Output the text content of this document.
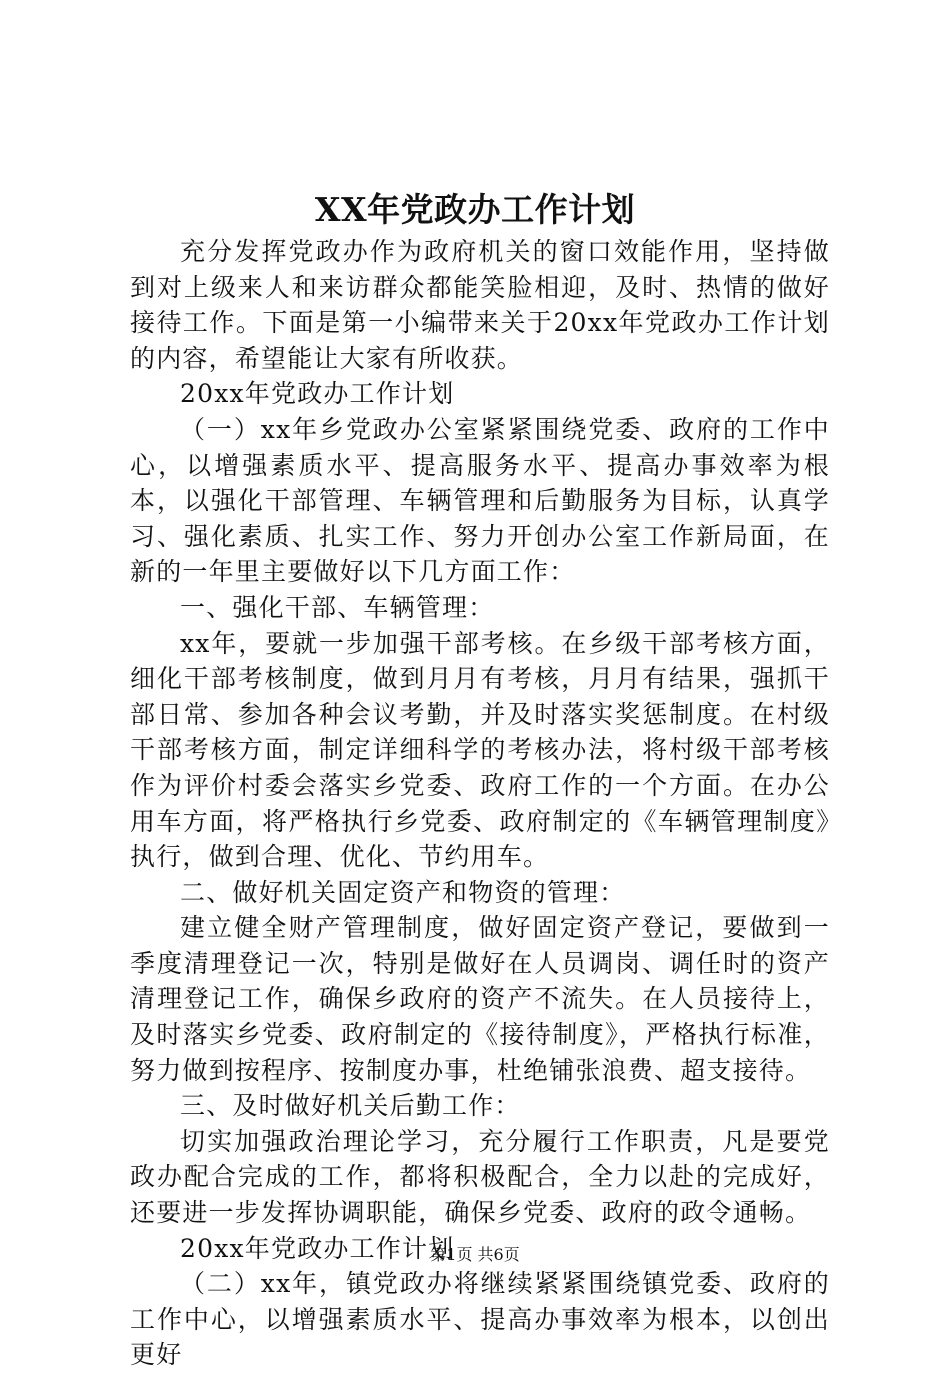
XX年党政办工作计划

充分发挥党政办作为政府机关的窗口效能作用，坚持做到对上级来人和来访群众都能笑脸相迎，及时、热情的做好接待工作。下面是第一小编带来关于20xx年党政办工作计划的内容，希望能让大家有所收获。

20xx年党政办工作计划

（一）xx年乡党政办公室紧紧围绕党委、政府的工作中心，以增强素质水平、提高服务水平、提高办事效率为根本，以强化干部管理、车辆管理和后勤服务为目标，认真学习、强化素质、扎实工作、努力开创办公室工作新局面，在新的一年里主要做好以下几方面工作：

一、强化干部、车辆管理：

xx年，要就一步加强干部考核。在乡级干部考核方面，细化干部考核制度，做到月月有考核，月月有结果，强抓干部日常、参加各种会议考勤，并及时落实奖惩制度。在村级干部考核方面，制定详细科学的考核办法，将村级干部考核作为评价村委会落实乡党委、政府工作的一个方面。在办公用车方面，将严格执行乡党委、政府制定的《车辆管理制度》执行，做到合理、优化、节约用车。

二、做好机关固定资产和物资的管理：

建立健全财产管理制度，做好固定资产登记，要做到一季度清理登记一次，特别是做好在人员调岗、调任时的资产清理登记工作，确保乡政府的资产不流失。在人员接待上，及时落实乡党委、政府制定的《接待制度》，严格执行标准，努力做到按程序、按制度办事，杜绝铺张浪费、超支接待。

三、及时做好机关后勤工作：

切实加强政治理论学习，充分履行工作职责，凡是要党政办配合完成的工作，都将积极配合，全力以赴的完成好，还要进一步发挥协调职能，确保乡党委、政府的政令通畅。

20xx年党政办工作计划

（二）xx年，镇党政办将继续紧紧围绕镇党委、政府的工作中心，以增强素质水平、提高办事效率为根本，以创出更好

第1页 共6页
